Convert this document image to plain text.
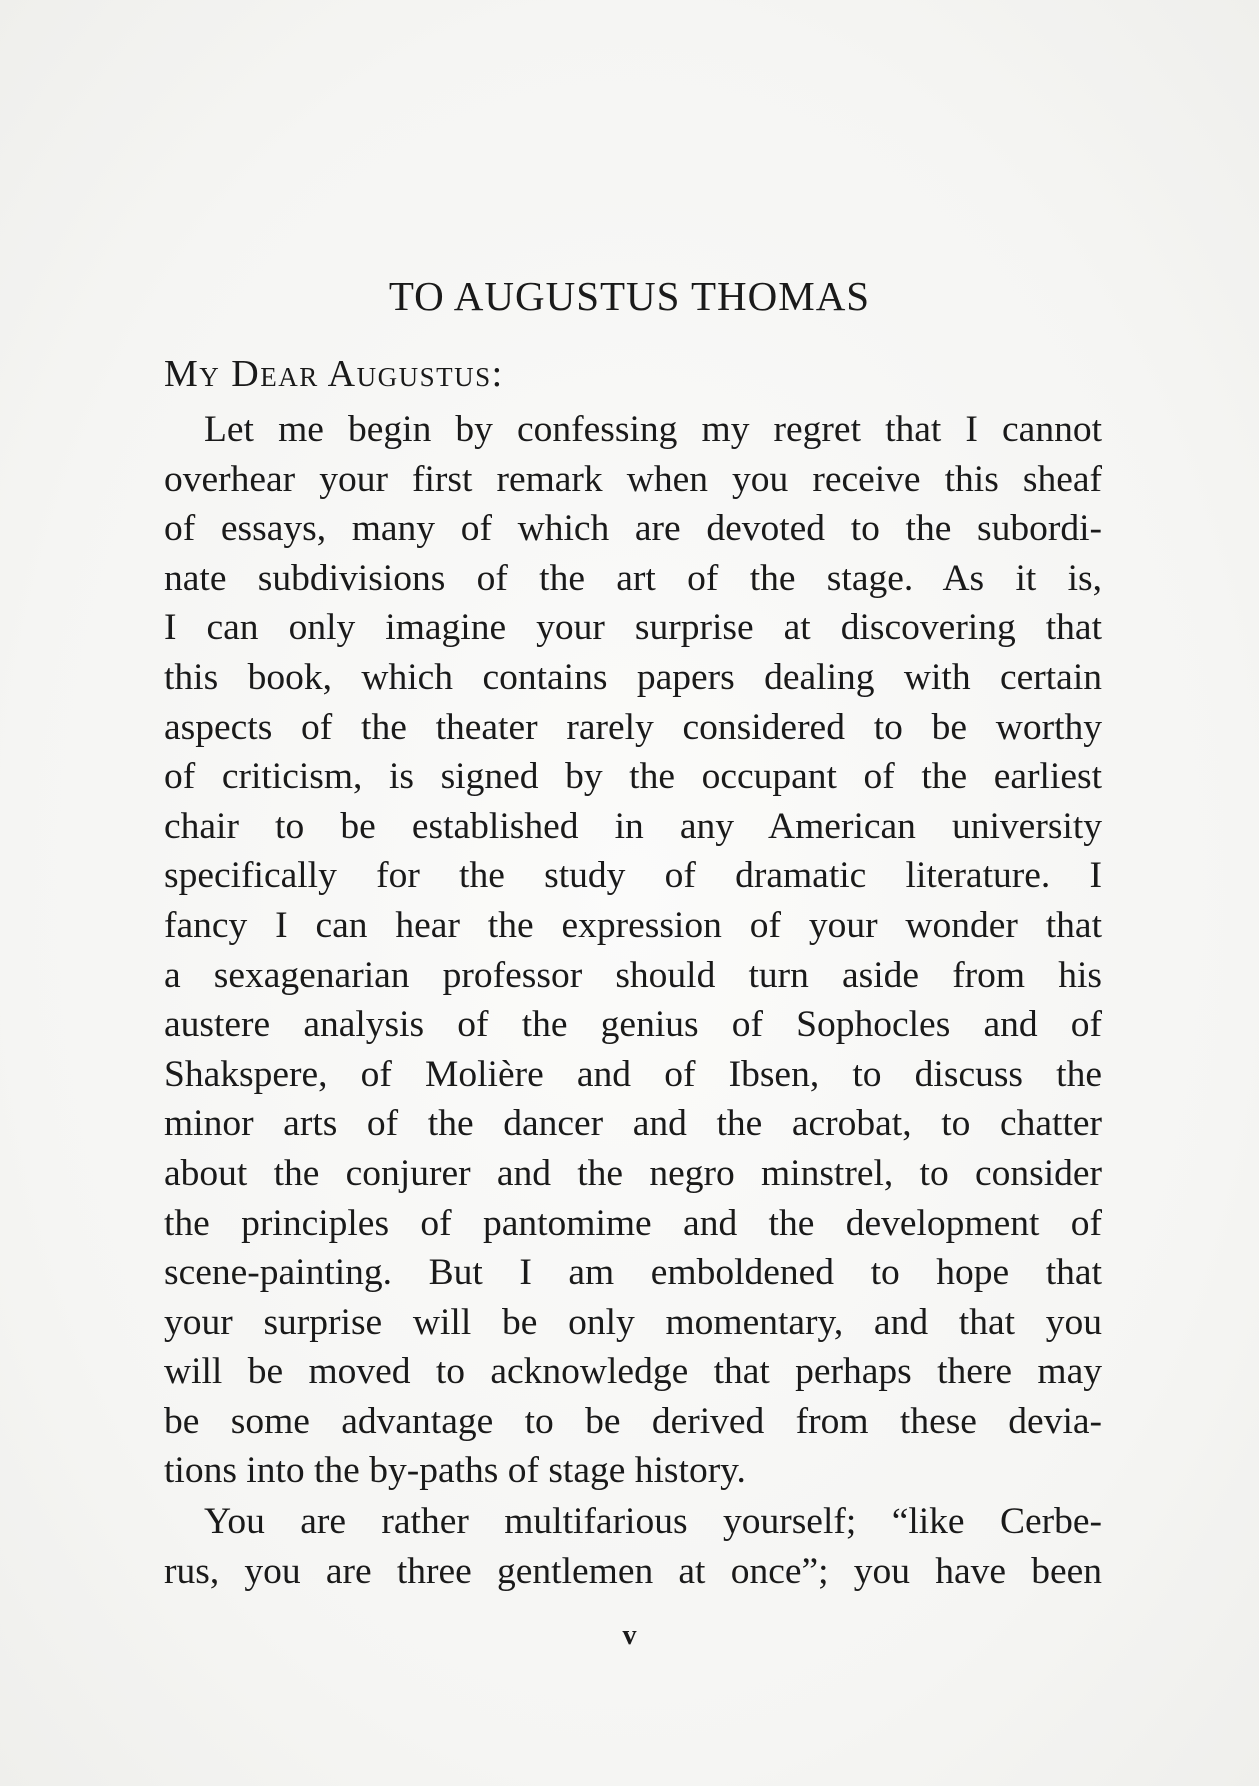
TO AUGUSTUS THOMAS

My Dear Augustus:

Let me begin by confessing my regret that I cannot
overhear your first remark when you receive this sheaf
of essays, many of which are devoted to the subordi-
nate subdivisions of the art of the stage. As it is,
I can only imagine your surprise at discovering that
this book, which contains papers dealing with certain
aspects of the theater rarely considered to be worthy
of criticism, is signed by the occupant of the earliest
chair to be established in any American university
specifically for the study of dramatic literature. I
fancy I can hear the expression of your wonder that
a sexagenarian professor should turn aside from his
austere analysis of the genius of Sophocles and of
Shakspere, of Molière and of Ibsen, to discuss the
minor arts of the dancer and the acrobat, to chatter
about the conjurer and the negro minstrel, to consider
the principles of pantomime and the development of
scene-painting. But I am emboldened to hope that
your surprise will be only momentary, and that you
will be moved to acknowledge that perhaps there may
be some advantage to be derived from these devia-
tions into the by-paths of stage history.
You are rather multifarious yourself; “like Cerbe-
rus, you are three gentlemen at once”; you have been

v
